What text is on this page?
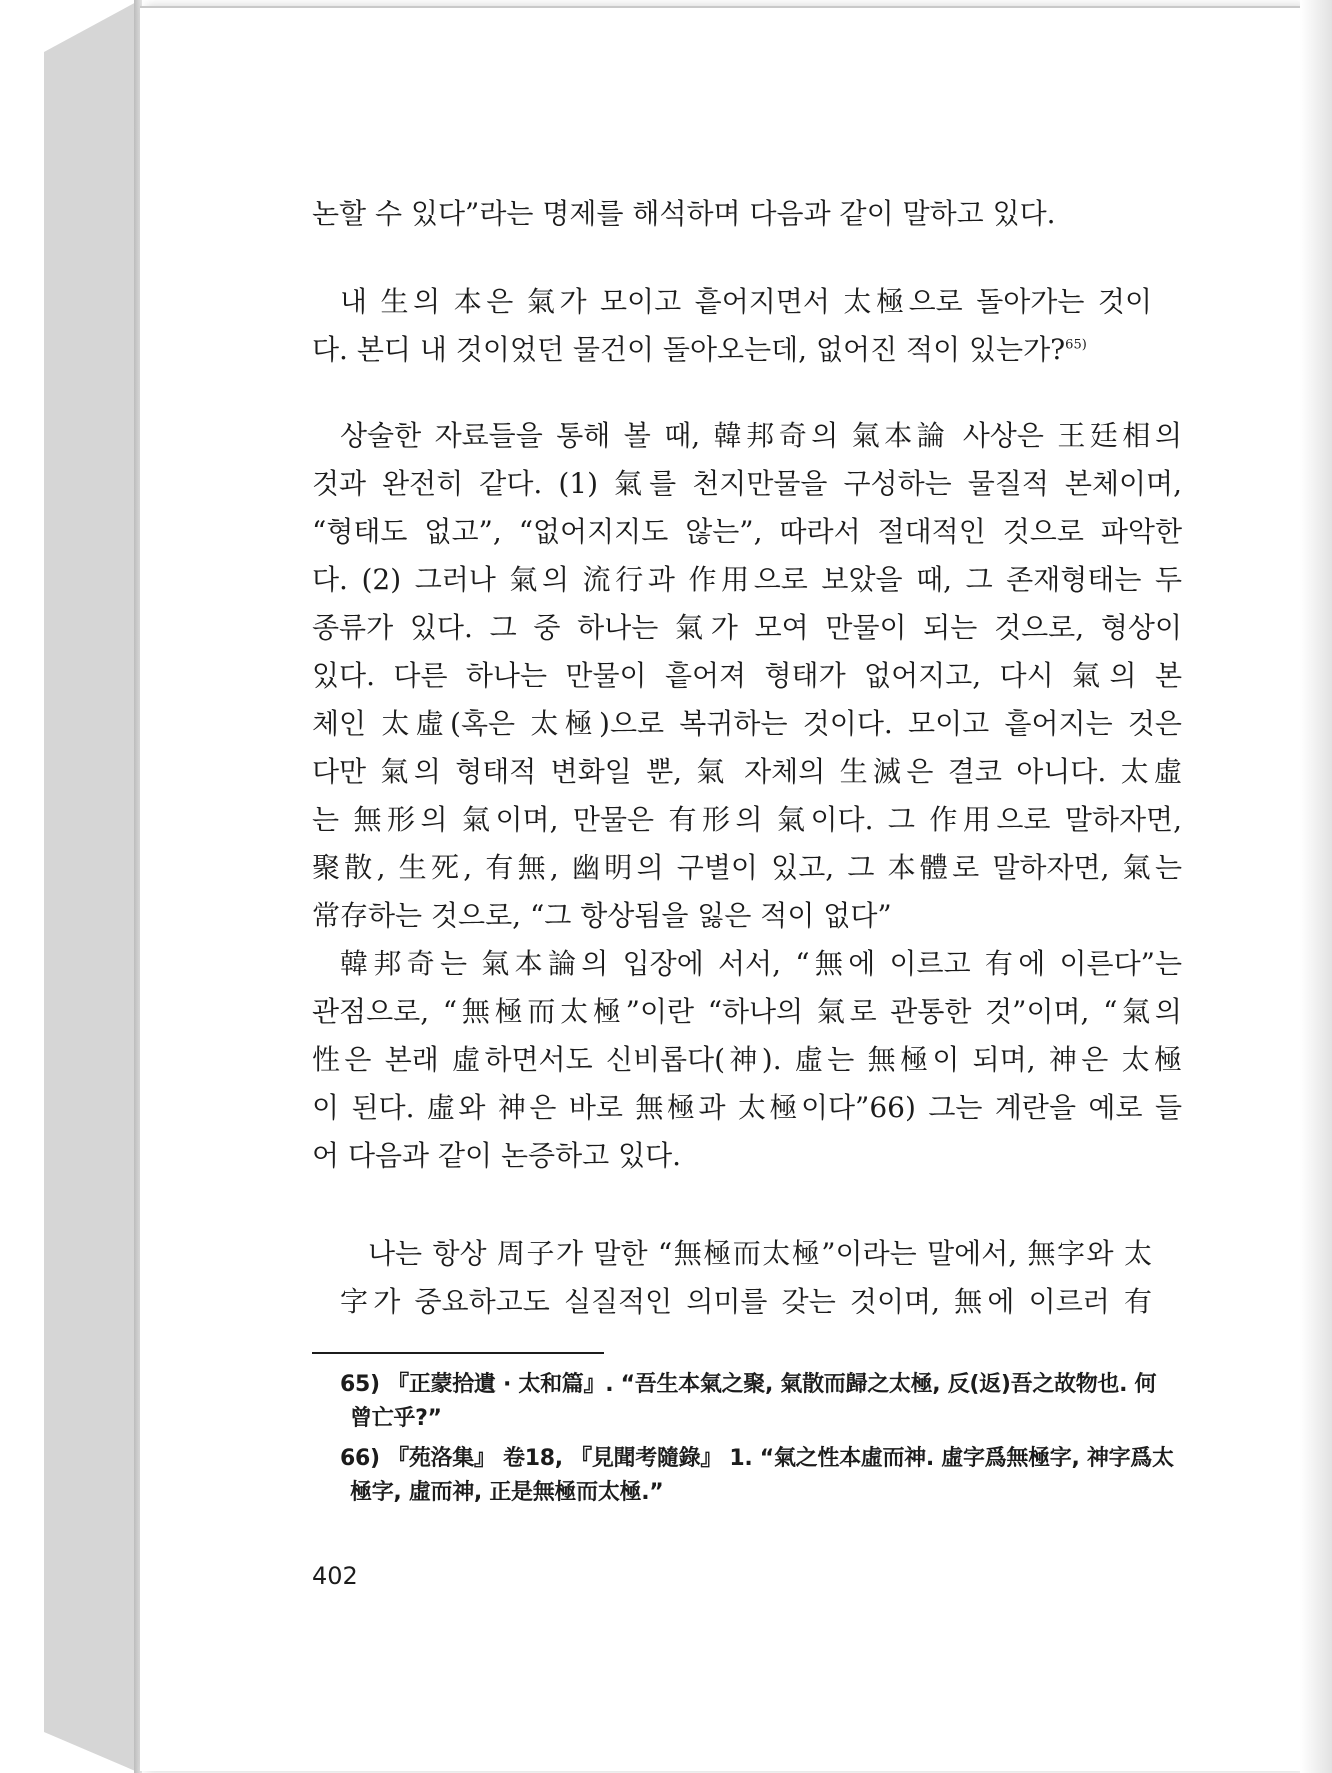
논할 수 있다”라는 명제를 해석하며 다음과 같이 말하고 있다.
내 生의 本은 氣가 모이고 흩어지면서 太極으로 돌아가는 것이
다. 본디 내 것이었던 물건이 돌아오는데, 없어진 적이 있는가?$^{65)}$
상술한 자료들을 통해 볼 때, 韓邦奇의 氣本論 사상은 王廷相의
것과 완전히 같다. (1) 氣를 천지만물을 구성하는 물질적 본체이며,
“형태도 없고”, “없어지지도 않는”, 따라서 절대적인 것으로 파악한
다. (2) 그러나 氣의 流行과 作用으로 보았을 때, 그 존재형태는 두
종류가 있다. 그 중 하나는 氣가 모여 만물이 되는 것으로, 형상이
있다. 다른 하나는 만물이 흩어져 형태가 없어지고, 다시 氣의 본
체인 太虛(혹은 太極)으로 복귀하는 것이다. 모이고 흩어지는 것은
다만 氣의 형태적 변화일 뿐, 氣 자체의 生滅은 결코 아니다. 太虛
는 無形의 氣이며, 만물은 有形의 氣이다. 그 作用으로 말하자면,
聚散, 生死, 有無, 幽明의 구별이 있고, 그 本體로 말하자면, 氣는
常存하는 것으로, “그 항상됨을 잃은 적이 없다”
韓邦奇는 氣本論의 입장에 서서, “無에 이르고 有에 이른다”는
관점으로, “無極而太極”이란 “하나의 氣로 관통한 것”이며, “氣의
性은 본래 虛하면서도 신비롭다(神). 虛는 無極이 되며, 神은 太極
이 된다. 虛와 神은 바로 無極과 太極이다”66) 그는 계란을 예로 들
어 다음과 같이 논증하고 있다.
나는 항상 周子가 말한 “無極而太極”이라는 말에서, 無字와 太
字가 중요하고도 실질적인 의미를 갖는 것이며, 無에 이르러 有
65) 『正蒙拾遺 · 太和篇』. “吾生本氣之聚, 氣散而歸之太極, 反(返)吾之故物也. 何
曾亡乎?”
66) 『苑洛集』 卷18, 『見聞考隨錄』 1. “氣之性本虛而神. 虛字爲無極字, 神字爲太
極字, 虛而神, 正是無極而太極.”
402
